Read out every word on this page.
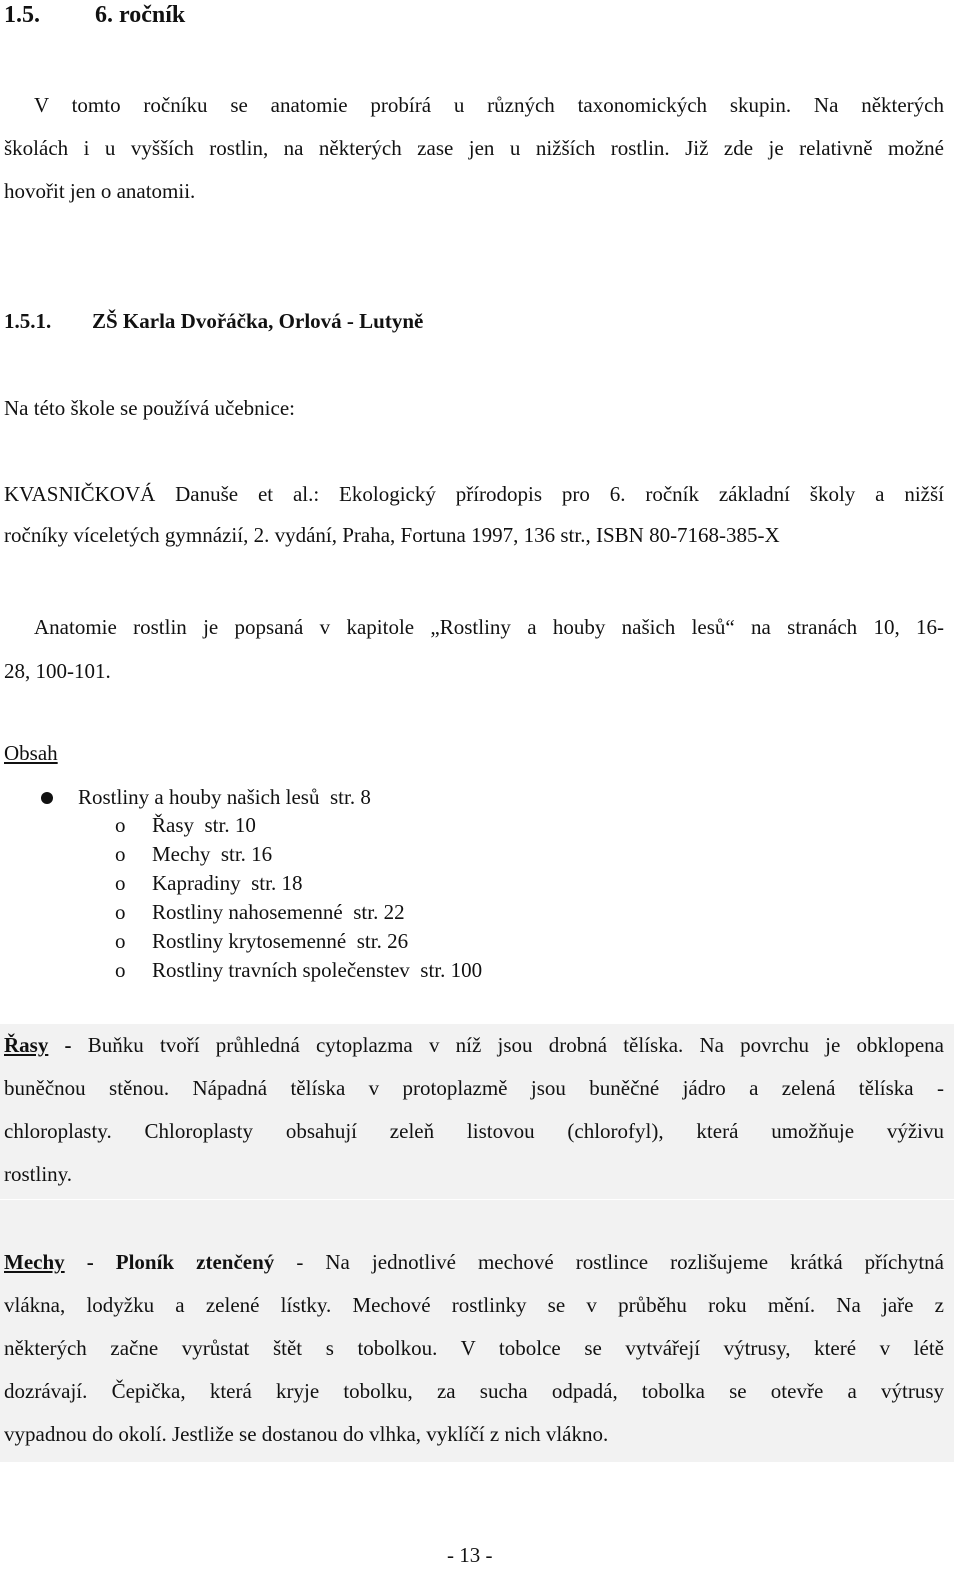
1.5. 6. ročník
V tomto ročníku se anatomie probírá u různých taxonomických skupin. Na některých
školách i u vyšších rostlin, na některých zase jen u nižších rostlin. Již zde je relativně možné
hovořit jen o anatomii.
1.5.1. ZŠ Karla Dvořáčka, Orlová - Lutyně
Na této škole se používá učebnice:
KVASNIČKOVÁ Danuše et al.: Ekologický přírodopis pro 6. ročník základní školy a nižší
ročníky víceletých gymnázií, 2. vydání, Praha, Fortuna 1997, 136 str., ISBN 80-7168-385-X
Anatomie rostlin je popsaná v kapitole „Rostliny a houby našich lesů“ na stranách 10, 16-
28, 100-101.
Obsah
Rostliny a houby našich lesů  str. 8
o Řasy  str. 10
o Mechy  str. 16
o Kapradiny  str. 18
o Rostliny nahosemenné  str. 22
o Rostliny krytosemenné  str. 26
o Rostliny travních společenstev  str. 100
Řasy - Buňku tvoří průhledná cytoplazma v níž jsou drobná tělíska. Na povrchu je obklopena
buněčnou stěnou. Nápadná tělíska v protoplazmě jsou buněčné jádro a zelená tělíska -
chloroplasty. Chloroplasty obsahují zeleň listovou (chlorofyl), která umožňuje výživu
rostliny.
Mechy - Ploník ztenčený - Na jednotlivé mechové rostlince rozlišujeme krátká příchytná
vlákna, lodyžku a zelené lístky. Mechové rostlinky se v průběhu roku mění. Na jaře z
některých začne vyrůstat štět s tobolkou. V tobolce se vytvářejí výtrusy, které v létě
dozrávají. Čepička, která kryje tobolku, za sucha odpadá, tobolka se otevře a výtrusy
vypadnou do okolí. Jestliže se dostanou do vlhka, vyklíčí z nich vlákno.
- 13 -
